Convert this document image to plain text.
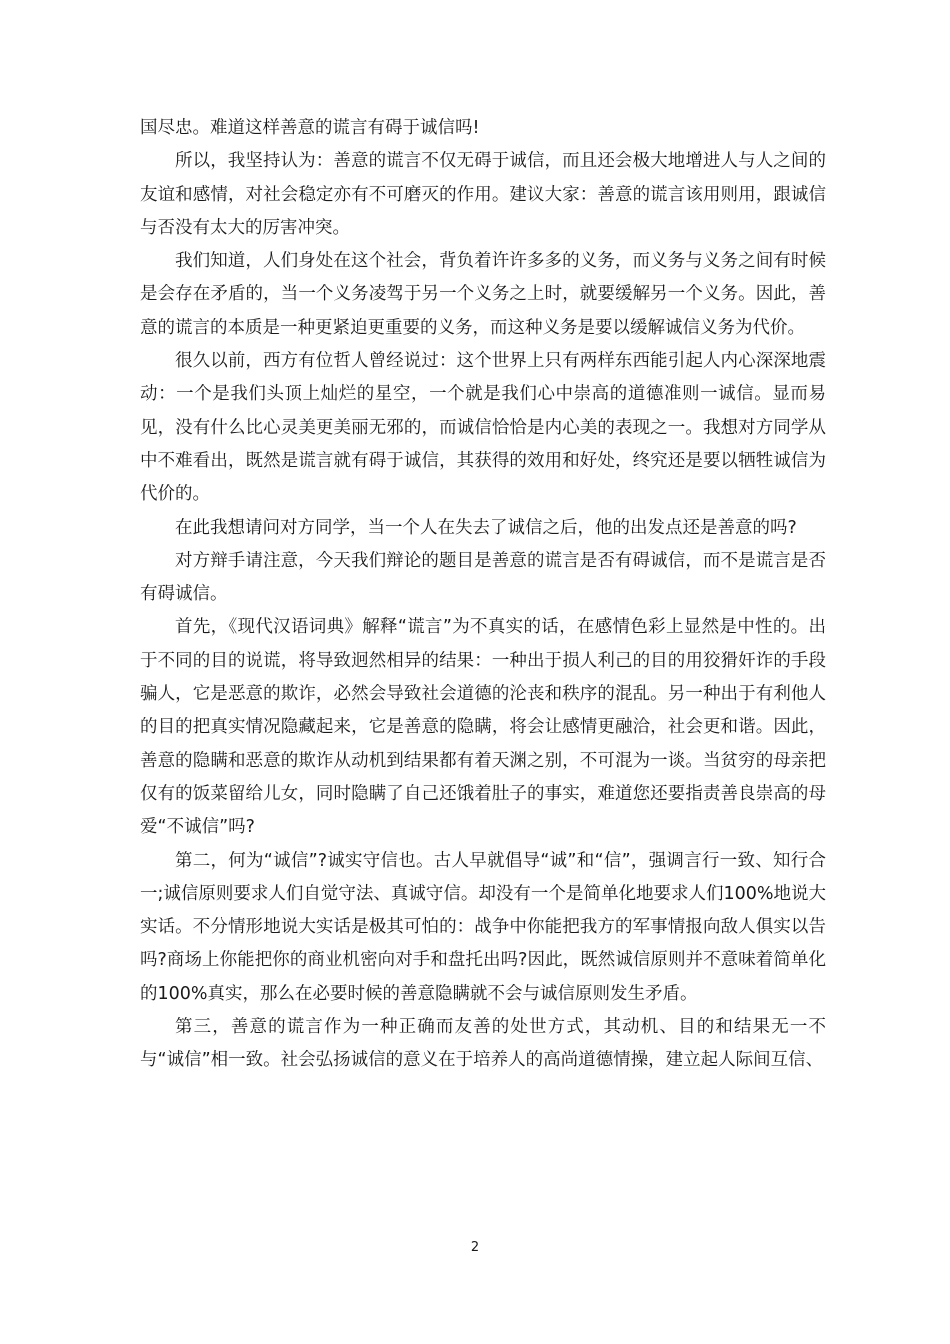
国尽忠。难道这样善意的谎言有碍于诚信吗!

所以，我坚持认为：善意的谎言不仅无碍于诚信，而且还会极大地增进人与人之间的友谊和感情，对社会稳定亦有不可磨灭的作用。建议大家：善意的谎言该用则用，跟诚信与否没有太大的厉害冲突。

我们知道，人们身处在这个社会，背负着许许多多的义务，而义务与义务之间有时候是会存在矛盾的，当一个义务凌驾于另一个义务之上时，就要缓解另一个义务。因此，善意的谎言的本质是一种更紧迫更重要的义务，而这种义务是要以缓解诚信义务为代价。

很久以前，西方有位哲人曾经说过：这个世界上只有两样东西能引起人内心深深地震动：一个是我们头顶上灿烂的星空，一个就是我们心中崇高的道德准则一诚信。显而易见，没有什么比心灵美更美丽无邪的，而诚信恰恰是内心美的表现之一。我想对方同学从中不难看出，既然是谎言就有碍于诚信，其获得的效用和好处，终究还是要以牺牲诚信为代价的。

在此我想请问对方同学，当一个人在失去了诚信之后，他的出发点还是善意的吗?

对方辩手请注意，今天我们辩论的题目是善意的谎言是否有碍诚信，而不是谎言是否有碍诚信。

首先，《现代汉语词典》解释“谎言”为不真实的话，在感情色彩上显然是中性的。出于不同的目的说谎，将导致迥然相异的结果：一种出于损人利己的目的用狡猾奸诈的手段骗人，它是恶意的欺诈，必然会导致社会道德的沦丧和秩序的混乱。另一种出于有利他人的目的把真实情况隐藏起来，它是善意的隐瞒，将会让感情更融洽，社会更和谐。因此，善意的隐瞒和恶意的欺诈从动机到结果都有着天渊之别，不可混为一谈。当贫穷的母亲把仅有的饭菜留给儿女，同时隐瞒了自己还饿着肚子的事实，难道您还要指责善良崇高的母爱“不诚信”吗?

第二，何为“诚信”?诚实守信也。古人早就倡导“诚”和“信”，强调言行一致、知行合一;诚信原则要求人们自觉守法、真诚守信。却没有一个是简单化地要求人们100%地说大实话。不分情形地说大实话是极其可怕的：战争中你能把我方的军事情报向敌人俱实以告吗?商场上你能把你的商业机密向对手和盘托出吗?因此，既然诚信原则并不意味着简单化的100%真实，那么在必要时候的善意隐瞒就不会与诚信原则发生矛盾。

第三，善意的谎言作为一种正确而友善的处世方式，其动机、目的和结果无一不与“诚信”相一致。社会弘扬诚信的意义在于培养人的高尚道德情操，建立起人际间互信、

2
